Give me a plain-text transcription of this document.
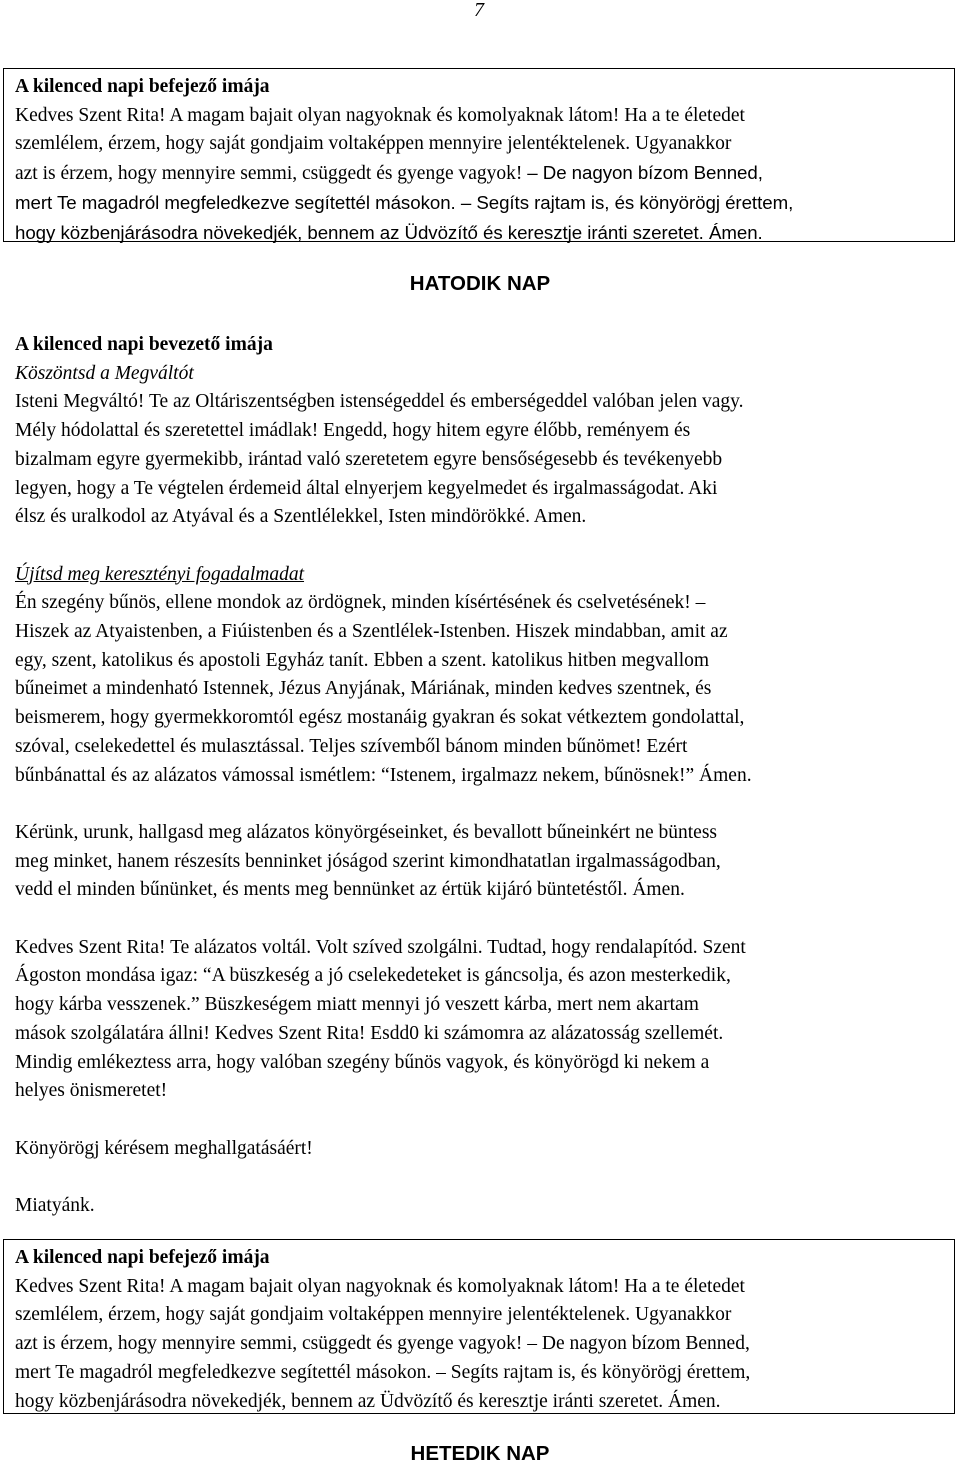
7
A kilenced napi befejező imája
Kedves Szent Rita! A magam bajait olyan nagyoknak és komolyaknak látom! Ha a te életedet
szemlélem, érzem, hogy saját gondjaim voltaképpen mennyire jelentéktelenek. Ugyanakkor
azt is érzem, hogy mennyire semmi, csüggedt és gyenge vagyok! – De nagyon bízom Benned,
mert Te magadról megfeledkezve segítettél másokon. – Segíts rajtam is, és könyörögj érettem,
hogy közbenjárásodra növekedjék, bennem az Üdvözítő és keresztje iránti szeretet. Ámen.
HATODIK NAP

A kilenced napi bevezető imája

Köszöntsd a Megváltót

Isteni Megváltó! Te az Oltáriszentségben istenségeddel és emberségeddel valóban jelen vagy.

Mély hódolattal és szeretettel imádlak! Engedd, hogy hitem egyre élőbb, reményem és

bizalmam egyre gyermekibb, irántad való szeretetem egyre bensőségesebb és tevékenyebb

legyen, hogy a Te végtelen érdemeid által elnyerjem kegyelmedet és irgalmasságodat. Aki

élsz és uralkodol az Atyával és a Szentlélekkel, Isten mindörökké. Amen.

Újítsd meg keresztényi fogadalmadat

Én szegény bűnös, ellene mondok az ördögnek, minden kísértésének és cselvetésének! –

Hiszek az Atyaistenben, a Fiúistenben és a Szentlélek-Istenben. Hiszek mindabban, amit az

egy, szent, katolikus és apostoli Egyház tanít. Ebben a szent. katolikus hitben megvallom

bűneimet a mindenható Istennek, Jézus Anyjának, Máriának, minden kedves szentnek, és

beismerem, hogy gyermekkoromtól egész mostanáig gyakran és sokat vétkeztem gondolattal,

szóval, cselekedettel és mulasztással. Teljes szívemből bánom minden bűnömet! Ezért

bűnbánattal és az alázatos vámossal ismétlem: “Istenem, irgalmazz nekem, bűnösnek!” Ámen.

Kérünk, urunk, hallgasd meg alázatos könyörgéseinket, és bevallott bűneinkért ne büntess

meg minket, hanem részesíts benninket jóságod szerint kimondhatatlan irgalmasságodban,

vedd el minden bűnünket, és ments meg bennünket az értük kijáró büntetéstől. Ámen.

Kedves Szent Rita! Te alázatos voltál. Volt szíved szolgálni. Tudtad, hogy rendalapítód. Szent

Ágoston mondása igaz: “A büszkeség a jó cselekedeteket is gáncsolja, és azon mesterkedik,

hogy kárba vesszenek.” Büszkeségem miatt mennyi jó veszett kárba, mert nem akartam

mások szolgálatára állni! Kedves Szent Rita! Esdd0 ki számomra az alázatosság szellemét.

Mindig emlékeztess arra, hogy valóban szegény bűnös vagyok, és könyörögd ki nekem a

helyes önismeretet!

Könyörögj kérésem meghallgatásáért!

Miatyánk.

A kilenced napi befejező imája
Kedves Szent Rita! A magam bajait olyan nagyoknak és komolyaknak látom! Ha a te életedet
szemlélem, érzem, hogy saját gondjaim voltaképpen mennyire jelentéktelenek. Ugyanakkor
azt is érzem, hogy mennyire semmi, csüggedt és gyenge vagyok! – De nagyon bízom Benned,
mert Te magadról megfeledkezve segítettél másokon. – Segíts rajtam is, és könyörögj érettem,
hogy közbenjárásodra növekedjék, bennem az Üdvözítő és keresztje iránti szeretet. Ámen.
HETEDIK NAP
